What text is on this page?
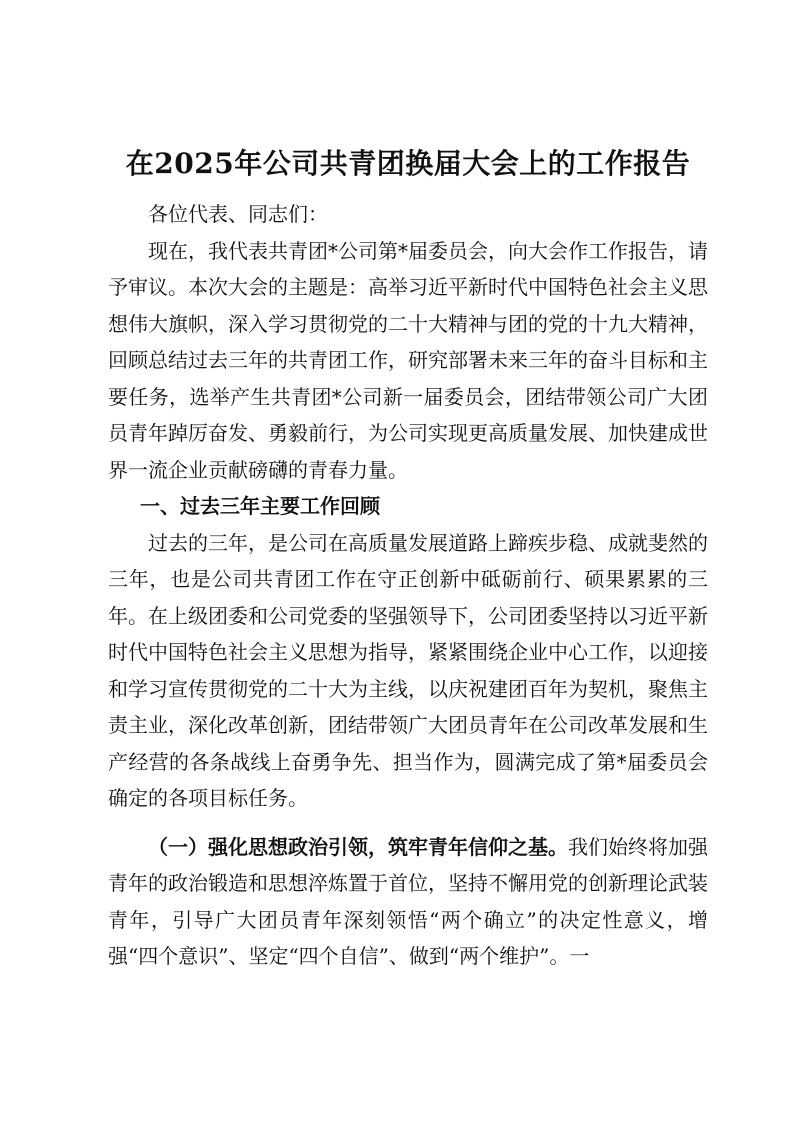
在2025年公司共青团换届大会上的工作报告

各位代表、同志们：

现在，我代表共青团*公司第*届委员会，向大会作工作报告，请予审议。本次大会的主题是：高举习近平新时代中国特色社会主义思想伟大旗帜，深入学习贯彻党的二十大精神与团的党的十九大精神，回顾总结过去三年的共青团工作，研究部署未来三年的奋斗目标和主要任务，选举产生共青团*公司新一届委员会，团结带领公司广大团员青年踔厉奋发、勇毅前行，为公司实现更高质量发展、加快建成世界一流企业贡献磅礴的青春力量。

一、过去三年主要工作回顾

过去的三年，是公司在高质量发展道路上蹄疾步稳、成就斐然的三年，也是公司共青团工作在守正创新中砥砺前行、硕果累累的三年。在上级团委和公司党委的坚强领导下，公司团委坚持以习近平新时代中国特色社会主义思想为指导，紧紧围绕企业中心工作，以迎接和学习宣传贯彻党的二十大为主线，以庆祝建团百年为契机，聚焦主责主业，深化改革创新，团结带领广大团员青年在公司改革发展和生产经营的各条战线上奋勇争先、担当作为，圆满完成了第*届委员会确定的各项目标任务。

（一）强化思想政治引领，筑牢青年信仰之基。我们始终将加强青年的政治锻造和思想淬炼置于首位，坚持不懈用党的创新理论武装青年，引导广大团员青年深刻领悟“两个确立”的决定性意义，增强“四个意识”、坚定“四个自信”、做到“两个维护”。一
